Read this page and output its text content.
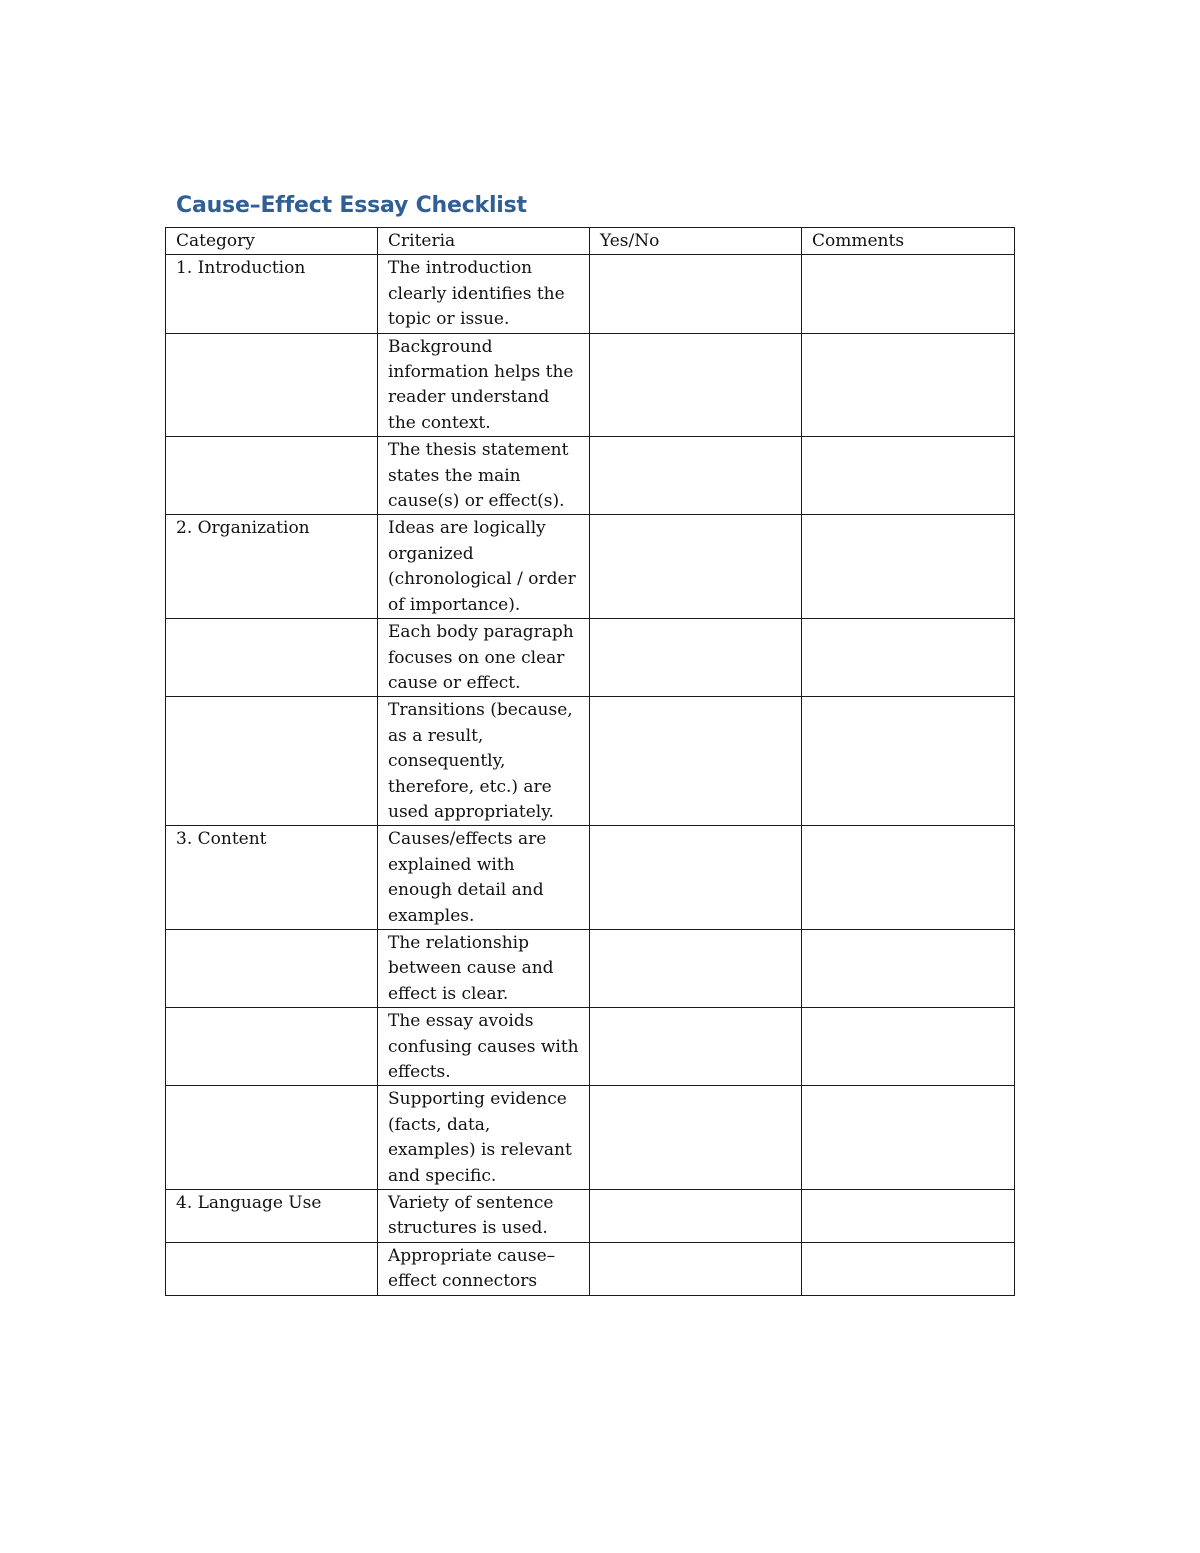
Cause–Effect Essay Checklist
Category	Criteria	Yes/No	Comments
1. Introduction	The introduction clearly identifies the topic or issue.		
	Background information helps the reader understand the context.		
	The thesis statement states the main cause(s) or effect(s).		
2. Organization	Ideas are logically organized (chronological / order of importance).		
	Each body paragraph focuses on one clear cause or effect.		
	Transitions (because, as a result, consequently, therefore, etc.) are used appropriately.		
3. Content	Causes/effects are explained with enough detail and examples.		
	The relationship between cause and effect is clear.		
	The essay avoids confusing causes with effects.		
	Supporting evidence (facts, data, examples) is relevant and specific.		
4. Language Use	Variety of sentence structures is used.		
	Appropriate cause–effect connectors		
